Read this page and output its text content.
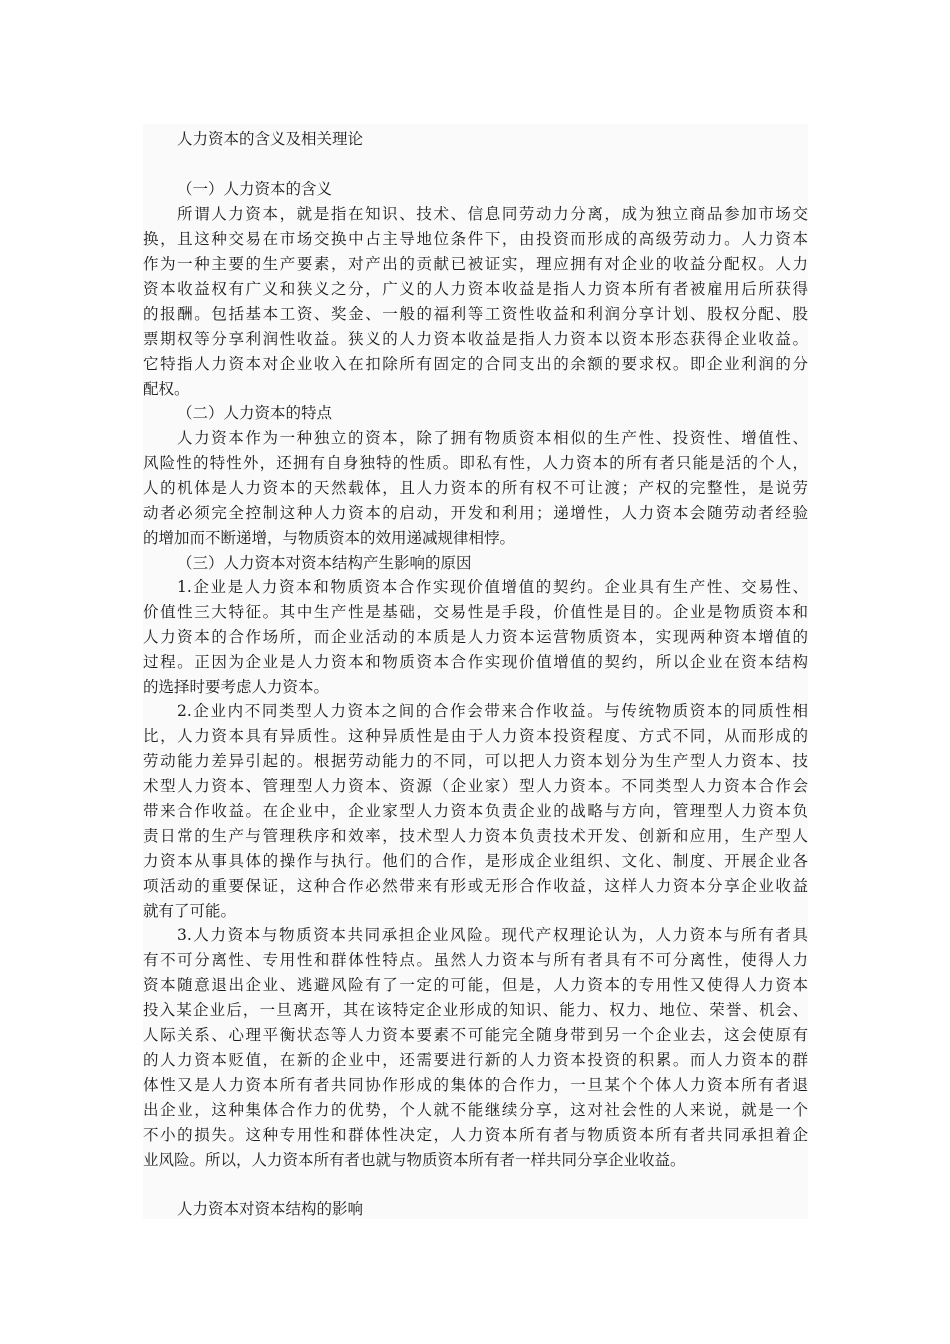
人力资本的含义及相关理论
（一）人力资本的含义
所谓人力资本，就是指在知识、技术、信息同劳动力分离，成为独立商品参加市场交
换，且这种交易在市场交换中占主导地位条件下，由投资而形成的高级劳动力。人力资本
作为一种主要的生产要素，对产出的贡献已被证实，理应拥有对企业的收益分配权。人力
资本收益权有广义和狭义之分，广义的人力资本收益是指人力资本所有者被雇用后所获得
的报酬。包括基本工资、奖金、一般的福利等工资性收益和利润分享计划、股权分配、股
票期权等分享利润性收益。狭义的人力资本收益是指人力资本以资本形态获得企业收益。
它特指人力资本对企业收入在扣除所有固定的合同支出的余额的要求权。即企业利润的分
配权。
（二）人力资本的特点
人力资本作为一种独立的资本，除了拥有物质资本相似的生产性、投资性、增值性、
风险性的特性外，还拥有自身独特的性质。即私有性，人力资本的所有者只能是活的个人，
人的机体是人力资本的天然载体，且人力资本的所有权不可让渡；产权的完整性，是说劳
动者必须完全控制这种人力资本的启动，开发和利用；递增性，人力资本会随劳动者经验
的增加而不断递增，与物质资本的效用递减规律相悖。
（三）人力资本对资本结构产生影响的原因
1.企业是人力资本和物质资本合作实现价值增值的契约。企业具有生产性、交易性、
价值性三大特征。其中生产性是基础，交易性是手段，价值性是目的。企业是物质资本和
人力资本的合作场所，而企业活动的本质是人力资本运营物质资本，实现两种资本增值的
过程。正因为企业是人力资本和物质资本合作实现价值增值的契约，所以企业在资本结构
的选择时要考虑人力资本。
2.企业内不同类型人力资本之间的合作会带来合作收益。与传统物质资本的同质性相
比，人力资本具有异质性。这种异质性是由于人力资本投资程度、方式不同，从而形成的
劳动能力差异引起的。根据劳动能力的不同，可以把人力资本划分为生产型人力资本、技
术型人力资本、管理型人力资本、资源（企业家）型人力资本。不同类型人力资本合作会
带来合作收益。在企业中，企业家型人力资本负责企业的战略与方向，管理型人力资本负
责日常的生产与管理秩序和效率，技术型人力资本负责技术开发、创新和应用，生产型人
力资本从事具体的操作与执行。他们的合作，是形成企业组织、文化、制度、开展企业各
项活动的重要保证，这种合作必然带来有形或无形合作收益，这样人力资本分享企业收益
就有了可能。
3.人力资本与物质资本共同承担企业风险。现代产权理论认为，人力资本与所有者具
有不可分离性、专用性和群体性特点。虽然人力资本与所有者具有不可分离性，使得人力
资本随意退出企业、逃避风险有了一定的可能，但是，人力资本的专用性又使得人力资本
投入某企业后，一旦离开，其在该特定企业形成的知识、能力、权力、地位、荣誉、机会、
人际关系、心理平衡状态等人力资本要素不可能完全随身带到另一个企业去，这会使原有
的人力资本贬值，在新的企业中，还需要进行新的人力资本投资的积累。而人力资本的群
体性又是人力资本所有者共同协作形成的集体的合作力，一旦某个个体人力资本所有者退
出企业，这种集体合作力的优势，个人就不能继续分享，这对社会性的人来说，就是一个
不小的损失。这种专用性和群体性决定，人力资本所有者与物质资本所有者共同承担着企
业风险。所以，人力资本所有者也就与物质资本所有者一样共同分享企业收益。
人力资本对资本结构的影响
